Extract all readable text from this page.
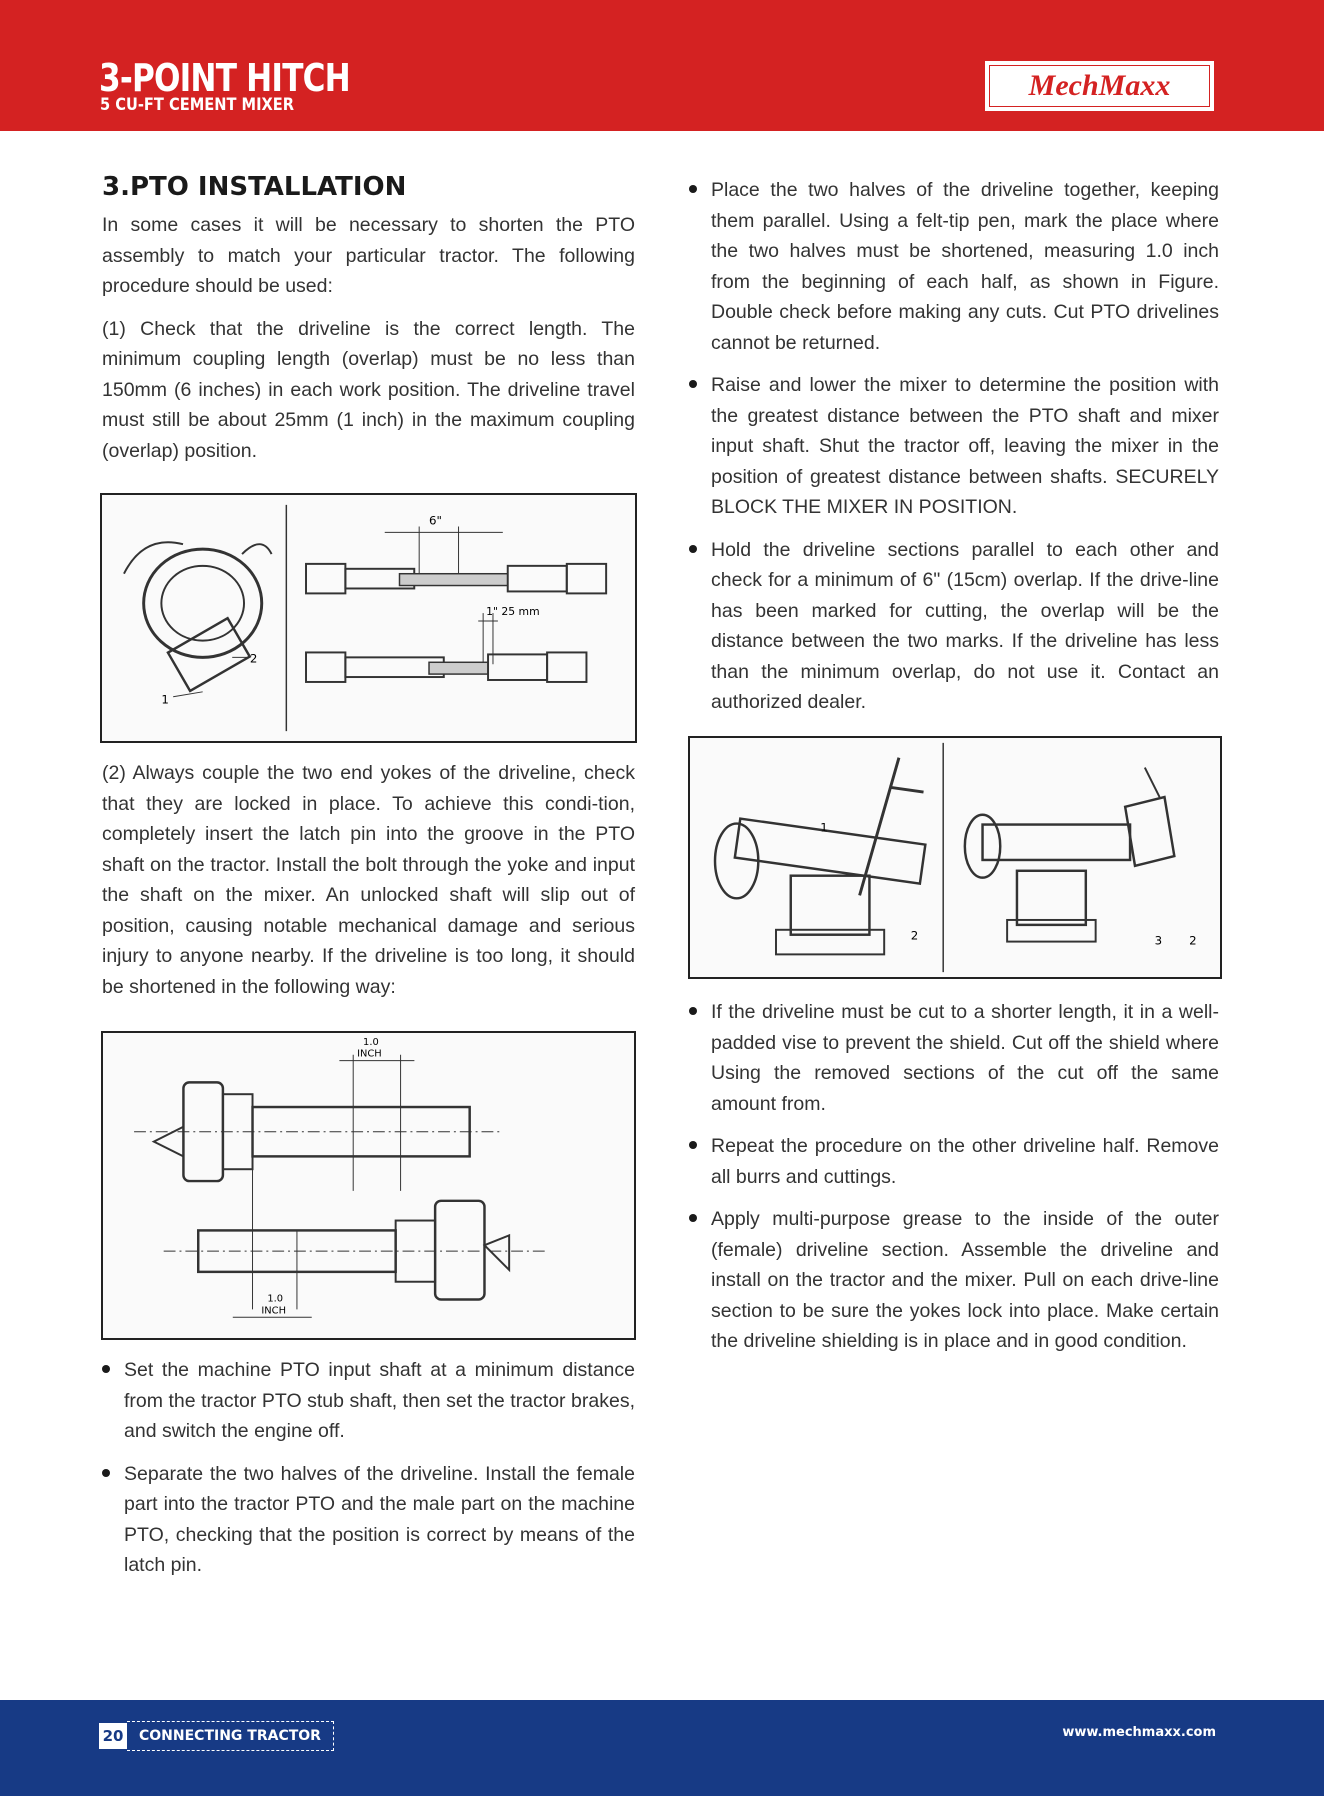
3-POINT HITCH
5 CU-FT CEMENT MIXER
MechMaxx
3.PTO INSTALLATION

In some cases it will be necessary to shorten the PTO assembly to match your particular tractor. The following procedure should be used:

(1) Check that the driveline is the correct length. The minimum coupling length (overlap) must be no less than 150mm (6 inches) in each work position. The driveline travel must still be about 25mm (1 inch) in the maximum coupling (overlap) position.

1
2
6"
1" 25 mm

(2) Always couple the two end yokes of the driveline, check that they are locked in place. To achieve this condi-tion, completely insert the latch pin into the groove in the PTO shaft on the tractor. Install the bolt through the yoke and input the shaft on the mixer. An unlocked shaft will slip out of position, causing notable mechanical damage and serious injury to anyone nearby. If the driveline is too long, it should be shortened in the following way:

1.0
INCH
1.0
INCH
Set the machine PTO input shaft at a minimum distance from the tractor PTO stub shaft, then set the tractor brakes, and switch the engine off.
Separate the two halves of the driveline. Install the female part into the tractor PTO and the male part on the machine PTO, checking that the position is correct by means of the latch pin.
Place the two halves of the driveline together, keeping them parallel. Using a felt-tip pen, mark the place where the two halves must be shortened, measuring 1.0 inch from the beginning of each half, as shown in Figure. Double check before making any cuts. Cut PTO drivelines cannot be returned.
Raise and lower the mixer to determine the position with the greatest distance between the PTO shaft and mixer input shaft. Shut the tractor off, leaving the mixer in the position of greatest distance between shafts. SECURELY BLOCK THE MIXER IN POSITION.
Hold the driveline sections parallel to each other and check for a minimum of 6" (15cm) overlap. If the drive-line has been marked for cutting, the overlap will be the distance between the two marks. If the driveline has less than the minimum overlap, do not use it. Contact an authorized dealer.
1
2	3 2
If the driveline must be cut to a shorter length, it in a well-padded vise to prevent the shield. Cut off the shield where Using the removed sections of the cut off the same amount from.
Repeat the procedure on the other driveline half. Remove all burrs and cuttings.
Apply multi-purpose grease to the inside of the outer (female) driveline section. Assemble the driveline and install on the tractor and the mixer. Pull on each drive-line section to be sure the yokes lock into place. Make certain the driveline shielding is in place and in good condition.
20	CONNECTING TRACTOR	www.mechmaxx.com
